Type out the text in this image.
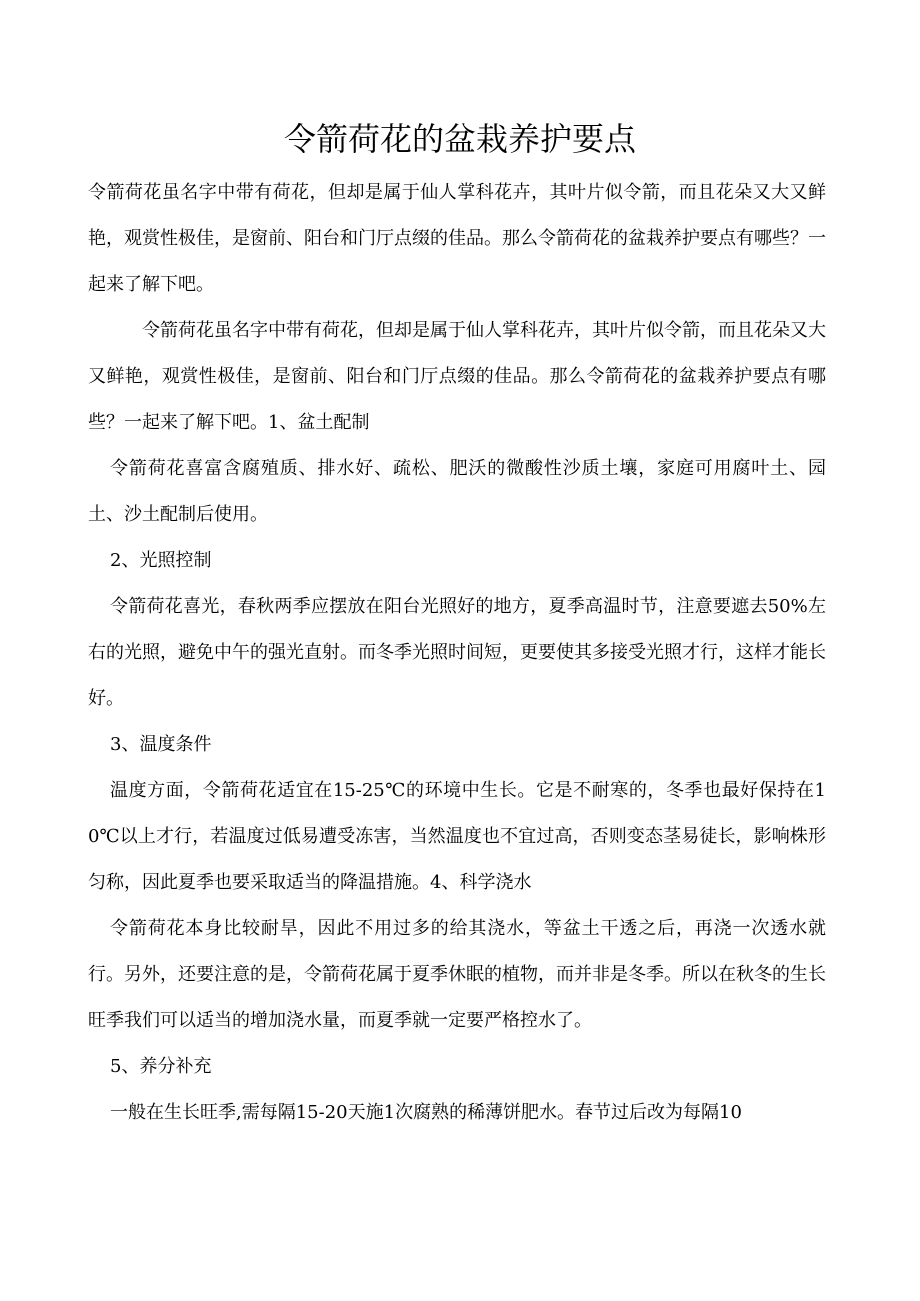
令箭荷花的盆栽养护要点

令箭荷花虽名字中带有荷花，但却是属于仙人掌科花卉，其叶片似令箭，而且花朵又大又鲜艳，观赏性极佳，是窗前、阳台和门厅点缀的佳品。那么令箭荷花的盆栽养护要点有哪些？一起来了解下吧。

令箭荷花虽名字中带有荷花，但却是属于仙人掌科花卉，其叶片似令箭，而且花朵又大又鲜艳，观赏性极佳，是窗前、阳台和门厅点缀的佳品。那么令箭荷花的盆栽养护要点有哪些？一起来了解下吧。1、盆土配制

令箭荷花喜富含腐殖质、排水好、疏松、肥沃的微酸性沙质土壤，家庭可用腐叶土、园土、沙土配制后使用。

2、光照控制

令箭荷花喜光，春秋两季应摆放在阳台光照好的地方，夏季高温时节，注意要遮去50%左右的光照，避免中午的强光直射。而冬季光照时间短，更要使其多接受光照才行，这样才能长好。

3、温度条件

温度方面，令箭荷花适宜在15-25℃的环境中生长。它是不耐寒的，冬季也最好保持在10℃以上才行，若温度过低易遭受冻害，当然温度也不宜过高，否则变态茎易徒长，影响株形匀称，因此夏季也要采取适当的降温措施。4、科学浇水

令箭荷花本身比较耐旱，因此不用过多的给其浇水，等盆土干透之后，再浇一次透水就行。另外，还要注意的是，令箭荷花属于夏季休眠的植物，而并非是冬季。所以在秋冬的生长旺季我们可以适当的增加浇水量，而夏季就一定要严格控水了。

5、养分补充

一般在生长旺季,需每隔15-20天施1次腐熟的稀薄饼肥水。春节过后改为每隔10
